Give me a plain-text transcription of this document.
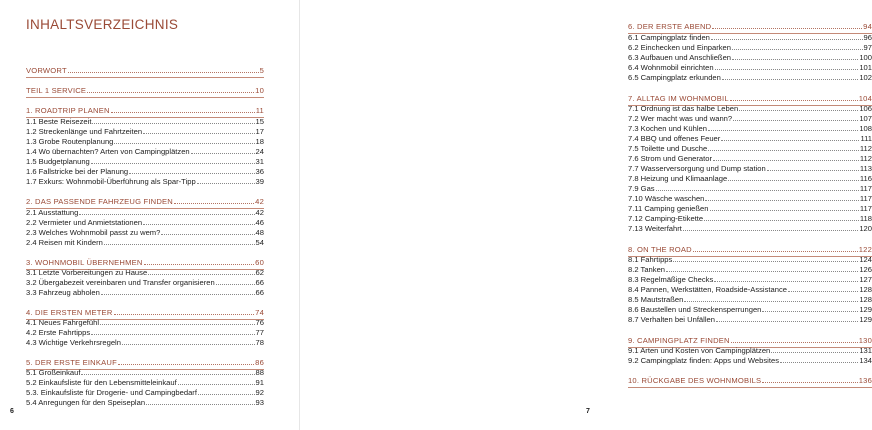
INHALTSVERZEICHNIS
VORWORT	5
TEIL 1 SERVICE	10
1. ROADTRIP PLANEN	11
1.1 Beste Reisezeit	15
1.2 Streckenlänge und Fahrtzeiten	17
1.3 Grobe Routenplanung	18
1.4 Wo übernachten? Arten von Campingplätzen	24
1.5 Budgetplanung	31
1.6 Fallstricke bei der Planung	36
1.7 Exkurs: Wohnmobil-Überführung als Spar-Tipp	39
2. DAS PASSENDE FAHRZEUG FINDEN	42
2.1 Ausstattung	42
2.2 Vermieter und Anmietstationen	46
2.3 Welches Wohnmobil passt zu wem?	48
2.4 Reisen mit Kindern	54
3. WOHNMOBIL ÜBERNEHMEN	60
3.1 Letzte Vorbereitungen zu Hause	62
3.2 Übergabezeit vereinbaren und Transfer organisieren	66
3.3 Fahrzeug abholen	66
4. DIE ERSTEN METER	74
4.1 Neues Fahrgefühl	76
4.2 Erste Fahrtipps	77
4.3 Wichtige Verkehrsregeln	78
5. DER ERSTE EINKAUF	86
5.1 Großeinkauf	88
5.2 Einkaufsliste für den Lebensmitteleinkauf	91
5.3. Einkaufsliste für Drogerie- und Campingbedarf	92
5.4 Anregungen für den Speiseplan	93
6
6. DER ERSTE ABEND	94
6.1 Campingplatz finden	96
6.2 Einchecken und Einparken	97
6.3 Aufbauen und Anschließen	100
6.4 Wohnmobil einrichten	101
6.5 Campingplatz erkunden	102
7. ALLTAG IM WOHNMOBIL	104
7.1 Ordnung ist das halbe Leben	106
7.2 Wer macht was und wann?	107
7.3 Kochen und Kühlen	108
7.4 BBQ und offenes Feuer	111
7.5 Toilette und Dusche	112
7.6 Strom und Generator	112
7.7 Wasserversorgung und Dump station	113
7.8 Heizung und Klimaanlage	116
7.9 Gas	117
7.10 Wäsche waschen	117
7.11 Camping genießen	117
7.12 Camping-Etikette	118
7.13 Weiterfahrt	120
8. ON THE ROAD	122
8.1 Fahrtipps	124
8.2 Tanken	126
8.3 Regelmäßige Checks	127
8.4 Pannen, Werkstätten, Roadside-Assistance	128
8.5 Mautstraßen	128
8.6 Baustellen und Streckensperrungen	129
8.7 Verhalten bei Unfällen	129
9. CAMPINGPLATZ FINDEN	130
9.1 Arten und Kosten von Campingplätzen	131
9.2 Campingplatz finden: Apps und Websites	134
10. RÜCKGABE DES WOHNMOBILS	136
7
